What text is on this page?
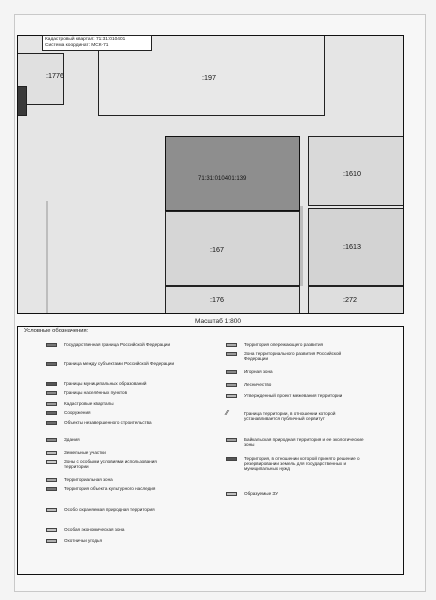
:1776	:197
71:31:010401:139
:167
:176
:1610
:1613
:272
Кадастровый квартал: 71:31:010401
Система координат: МСК-71
Масштаб 1:800
Условные обозначения:
Государственная граница Российской Федерации
Граница между субъектами Российской Федерации
Границы муниципальных образований
Границы населённых пунктов
Кадастровые кварталы
Сооружения
Объекты незавершенного строительства
Здания
Земельные участки
Зоны с особыми условиями использования территории
Территориальная зона
Территория объекта культурного наследия
Особо охраняемая природная территория
Особая экономическая зона
Охотничьи угодья
Территория опережающего развития
Зона территориального развития Российской Федерации
Игорная зона
Лесничество
Утвержденный проект межевания территории
⁄⁄	Граница территории, в отношении которой устанавливается публичный сервитут
Байкальская природная территория и ее экологические зоны
Территория, в отношении которой принято решение о резервировании земель для государственных и муниципальных нужд
Образуемые ЗУ
